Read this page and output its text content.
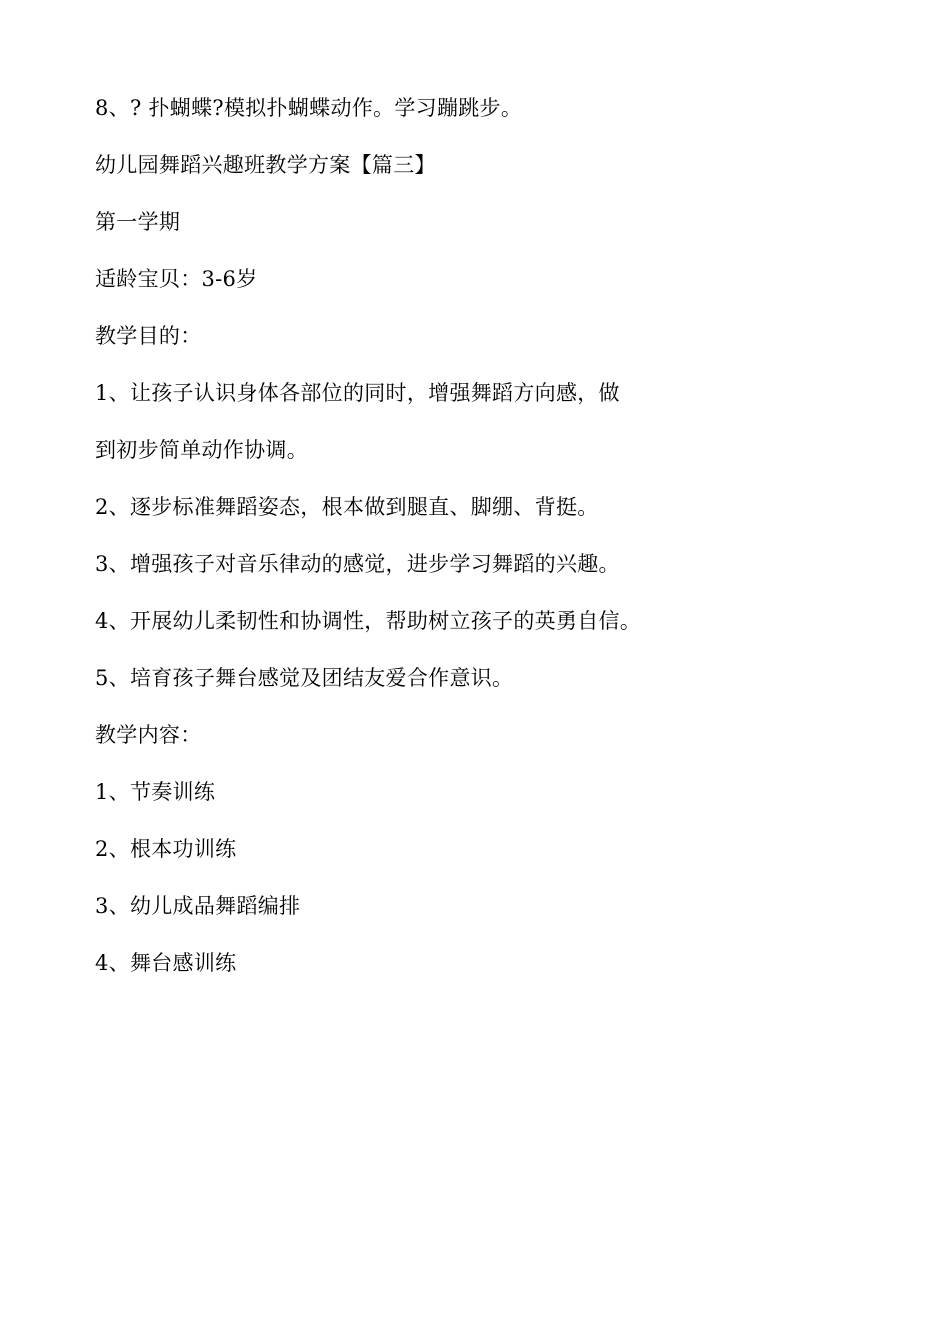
8、? 扑蝴蝶?模拟扑蝴蝶动作。学习蹦跳步。
幼儿园舞蹈兴趣班教学方案【篇三】
第一学期
适龄宝贝：3-6岁
教学目的：
1、让孩子认识身体各部位的同时，增强舞蹈方向感，做
到初步简单动作协调。
2、逐步标准舞蹈姿态，根本做到腿直、脚绷、背挺。
3、增强孩子对音乐律动的感觉，进步学习舞蹈的兴趣。
4、开展幼儿柔韧性和协调性，帮助树立孩子的英勇自信。
5、培育孩子舞台感觉及团结友爱合作意识。
教学内容：
1、节奏训练
2、根本功训练
3、幼儿成品舞蹈编排
4、舞台感训练
